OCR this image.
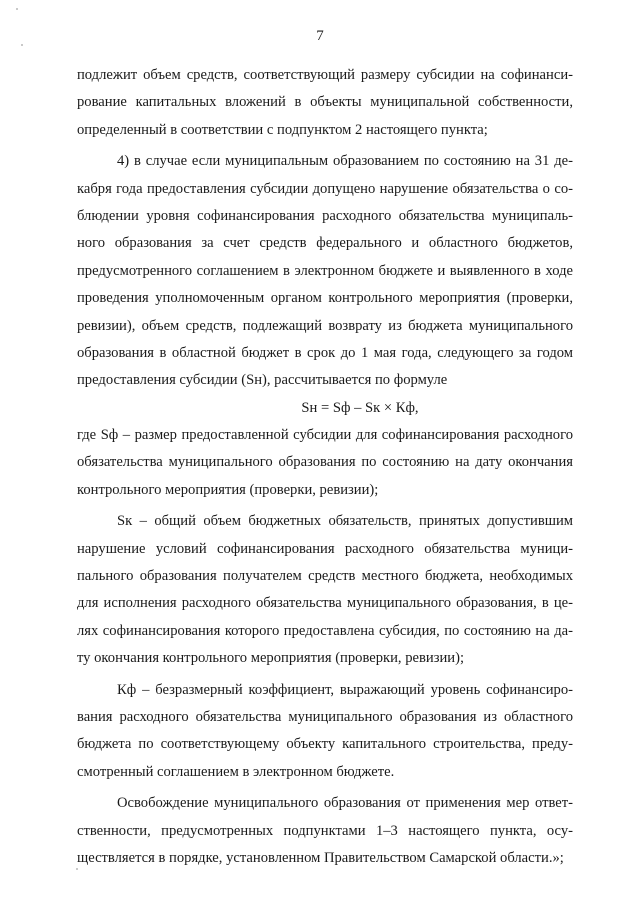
7
подлежит объем средств, соответствующий размеру субсидии на софинанси-
рование капитальных вложений в объекты муниципальной собственности,
определенный в соответствии с подпунктом 2 настоящего пункта;
4) в случае если муниципальным образованием по состоянию на 31 де-
кабря года предоставления субсидии допущено нарушение обязательства о со-
блюдении уровня софинансирования расходного обязательства муниципаль-
ного образования за счет средств федерального и областного бюджетов,
предусмотренного соглашением в электронном бюджете и выявленного в ходе
проведения уполномоченным органом контрольного мероприятия (проверки,
ревизии), объем средств, подлежащий возврату из бюджета муниципального
образования в областной бюджет в срок до 1 мая года, следующего за годом
предоставления субсидии (Sн), рассчитывается по формуле
Sн = Sф – Sк × Кф,
где Sф – размер предоставленной субсидии для софинансирования расходного
обязательства муниципального образования по состоянию на дату окончания
контрольного мероприятия (проверки, ревизии);
Sк – общий объем бюджетных обязательств, принятых допустившим
нарушение условий софинансирования расходного обязательства муници-
пального образования получателем средств местного бюджета, необходимых
для исполнения расходного обязательства муниципального образования, в це-
лях софинансирования которого предоставлена субсидия, по состоянию на да-
ту окончания контрольного мероприятия (проверки, ревизии);
Кф – безразмерный коэффициент, выражающий уровень софинансиро-
вания расходного обязательства муниципального образования из областного
бюджета по соответствующему объекту капитального строительства, преду-
смотренный соглашением в электронном бюджете.
Освобождение муниципального образования от применения мер ответ-
ственности, предусмотренных подпунктами 1–3 настоящего пункта, осу-
ществляется в порядке, установленном Правительством Самарской области.»;
